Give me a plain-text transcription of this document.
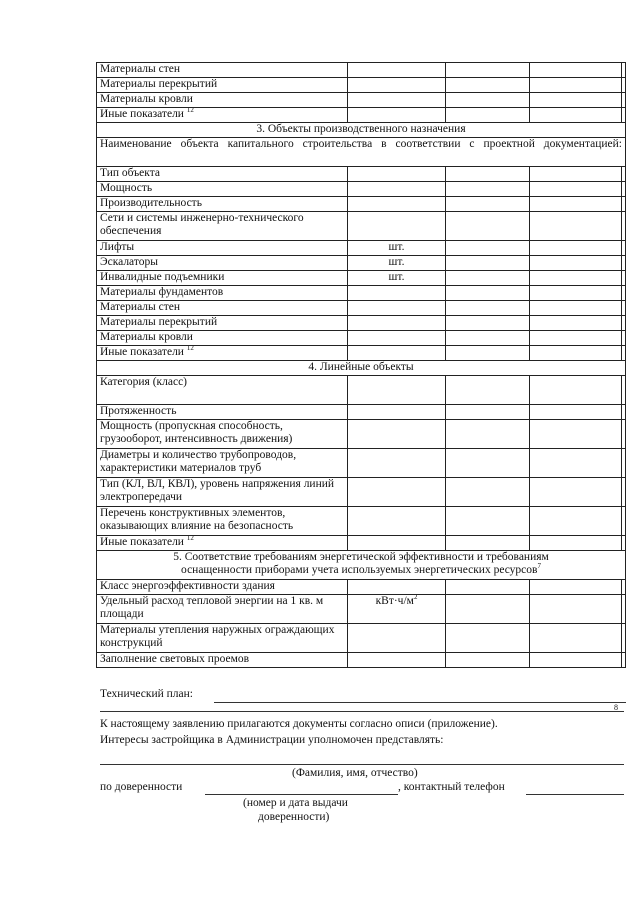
Материалы стен				
Материалы перекрытий				
Материалы кровли				
Иные показатели $^{12}$				
3. Объекты производственного назначения				
Наименование объекта капитального строительства в соответствии с проектной документацией:				
Тип объекта				
Мощность				
Производительность				
Сети и системы инженерно-технического обеспечения				
Лифты	шт.			
Эскалаторы	шт.			
Инвалидные подъемники	шт.			
Материалы фундаментов				
Материалы стен				
Материалы перекрытий				
Материалы кровли				
Иные показатели $^{12}$				
4. Линейные объекты				
Категория (класс)				
Протяженность				
Мощность (пропускная способность, грузооборот, интенсивность движения)				
Диаметры и количество трубопроводов, характеристики материалов труб				
Тип (КЛ, ВЛ, КВЛ), уровень напряжения линий электропередачи				
Перечень конструктивных элементов, оказывающих влияние на безопасность				
Иные показатели $^{12}$				

5. Соответствие требованиям энергетической эффективности и требованиям
оснащенности приборами учета используемых энергетических ресурсов$^7$

Класс энергоэффективности здания				
Удельный расход тепловой энергии на 1 кв. м площади	$кВт\cdot ч/м^2$			
Материалы утепления наружных ограждающих конструкций				
Заполнение световых проемов				
Технический план:
8
К настоящему заявлению прилагаются документы согласно описи (приложение).
Интересы застройщика в Администрации уполномочен представлять:
(Фамилия, имя, отчество)
по доверенности	, контактный телефон
(номер и дата выдачи
доверенности)
